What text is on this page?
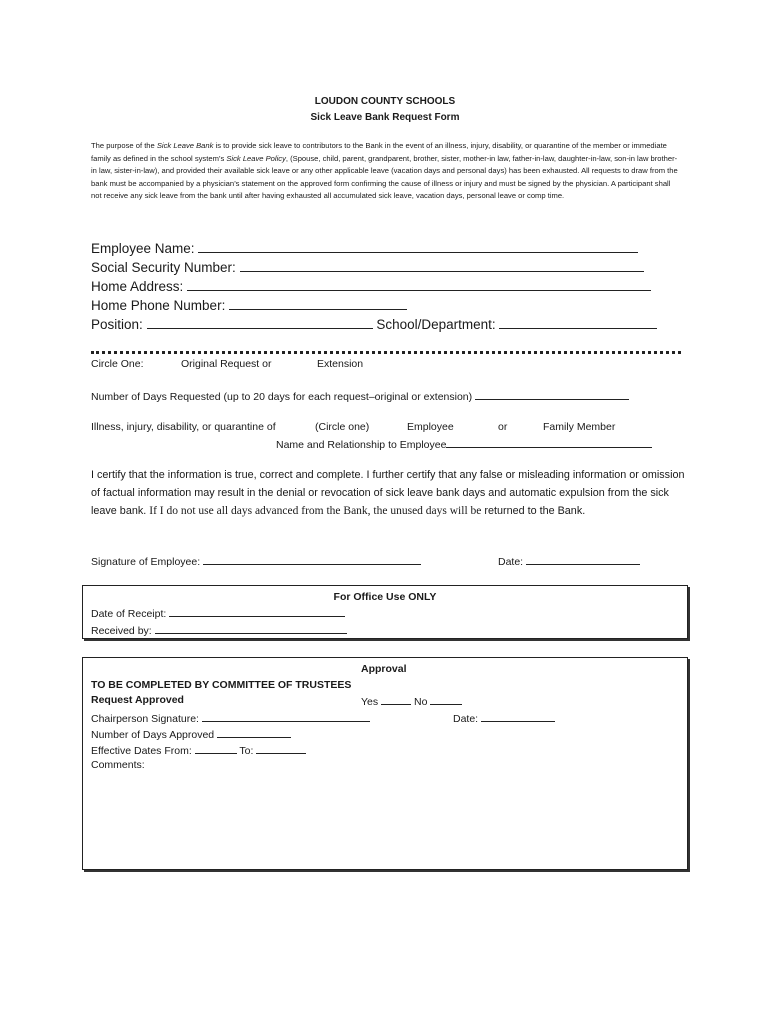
LOUDON COUNTY SCHOOLS
Sick Leave Bank Request Form
The purpose of the Sick Leave Bank is to provide sick leave to contributors to the Bank in the event of an illness, injury, disability, or quarantine of the member or immediate family as defined in the school system’s Sick Leave Policy, (Spouse, child, parent, grandparent, brother, sister, mother-in law, father-in-law, daughter-in-law, son-in law brother-in law, sister-in-law), and provided their available sick leave or any other applicable leave (vacation days and personal days) has been exhausted. All requests to draw from the bank must be accompanied by a physician’s statement on the approved form confirming the cause of illness or injury and must be signed by the physician. A participant shall not receive any sick leave from the bank until after having exhausted all accumulated sick leave, vacation days, personal leave or comp time.
Employee Name:
Social Security Number:
Home Address:
Home Phone Number:
Position:	School/Department:
Circle One:	Original Request or	Extension
Number of Days Requested (up to 20 days for each request–original or extension)
Illness, injury, disability, or quarantine of	(Circle one)	Employee	or	Family Member
Name and Relationship to Employee
I certify that the information is true, correct and complete. I further certify that any false or misleading information or omission of factual information may result in the denial or revocation of sick leave bank days and automatic expulsion from the sick leave bank. If I do not use all days advanced from the Bank, the unused days will be returned to the Bank.
Signature of Employee:	Date:
For Office Use ONLY
Date of Receipt:
Received by:
Approval
TO BE COMPLETED BY COMMITTEE OF TRUSTEES
Request Approved	Yes	No
Chairperson Signature:	Date:
Number of Days Approved
Effective Dates From:	To:
Comments:
